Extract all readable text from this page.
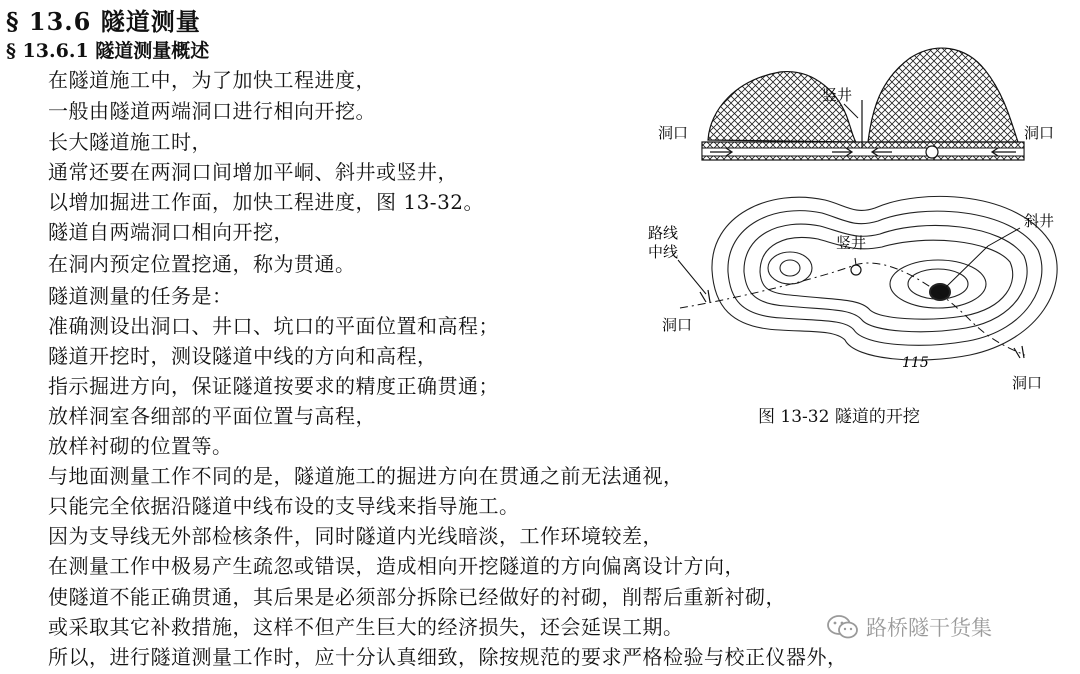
§ 13.6 隧道测量
§ 13.6.1 隧道测量概述
在隧道施工中，为了加快工程进度，
一般由隧道两端洞口进行相向开挖。
长大隧道施工时，
通常还要在两洞口间增加平峒、斜井或竖井，
以增加掘进工作面，加快工程进度，图 13-32。
隧道自两端洞口相向开挖，
在洞内预定位置挖通，称为贯通。
隧道测量的任务是：
准确测设出洞口、井口、坑口的平面位置和高程；
隧道开挖时，测设隧道中线的方向和高程，
指示掘进方向，保证隧道按要求的精度正确贯通；
放样洞室各细部的平面位置与高程，
放样衬砌的位置等。
与地面测量工作不同的是，隧道施工的掘进方向在贯通之前无法通视，
只能完全依据沿隧道中线布设的支导线来指导施工。
因为支导线无外部检核条件，同时隧道内光线暗淡，工作环境较差，
在测量工作中极易产生疏忽或错误，造成相向开挖隧道的方向偏离设计方向，
使隧道不能正确贯通，其后果是必须部分拆除已经做好的衬砌，削帮后重新衬砌，
或采取其它补救措施，这样不但产生巨大的经济损失，还会延误工期。
所以，进行隧道测量工作时，应十分认真细致，除按规范的要求严格检验与校正仪器外，
洞口	洞口
竖井
路线
中线	竖井
斜井
洞口
洞口
115
图 13-32 隧道的开挖
路桥隧干货集
